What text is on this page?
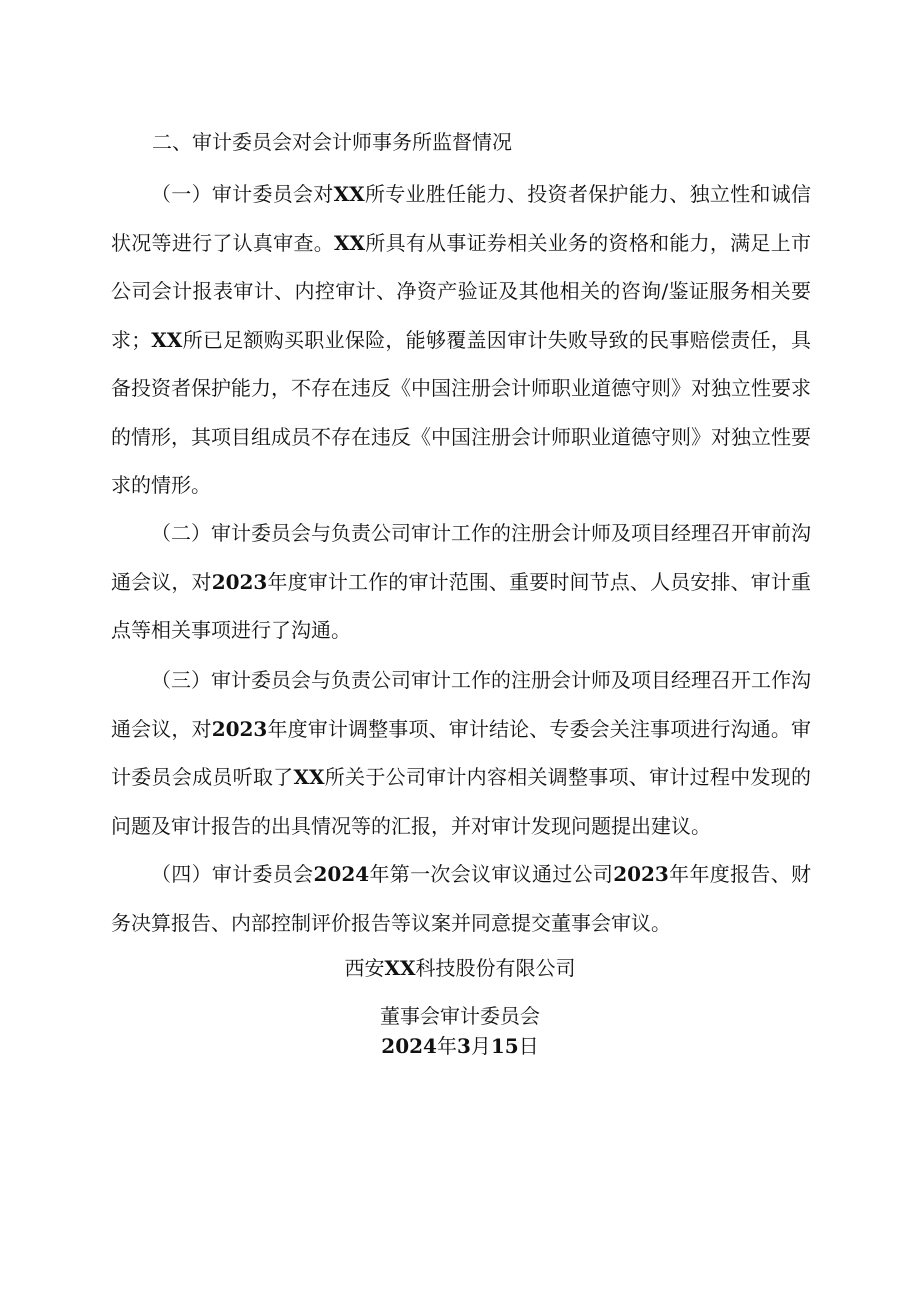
二、审计委员会对会计师事务所监督情况

（一）审计委员会对XX所专业胜任能力、投资者保护能力、独立性和诚信状况等进行了认真审查。XX所具有从事证券相关业务的资格和能力，满足上市公司会计报表审计、内控审计、净资产验证及其他相关的咨询/鉴证服务相关要求；XX所已足额购买职业保险，能够覆盖因审计失败导致的民事赔偿责任，具备投资者保护能力，不存在违反《中国注册会计师职业道德守则》对独立性要求的情形，其项目组成员不存在违反《中国注册会计师职业道德守则》对独立性要求的情形。

（二）审计委员会与负责公司审计工作的注册会计师及项目经理召开审前沟通会议，对2023年度审计工作的审计范围、重要时间节点、人员安排、审计重点等相关事项进行了沟通。

（三）审计委员会与负责公司审计工作的注册会计师及项目经理召开工作沟通会议，对2023年度审计调整事项、审计结论、专委会关注事项进行沟通。审计委员会成员听取了XX所关于公司审计内容相关调整事项、审计过程中发现的问题及审计报告的出具情况等的汇报，并对审计发现问题提出建议。

（四）审计委员会2024年第一次会议审议通过公司2023年年度报告、财务决算报告、内部控制评价报告等议案并同意提交董事会审议。

西安XX科技股份有限公司
董事会审计委员会
2024年3月15日
